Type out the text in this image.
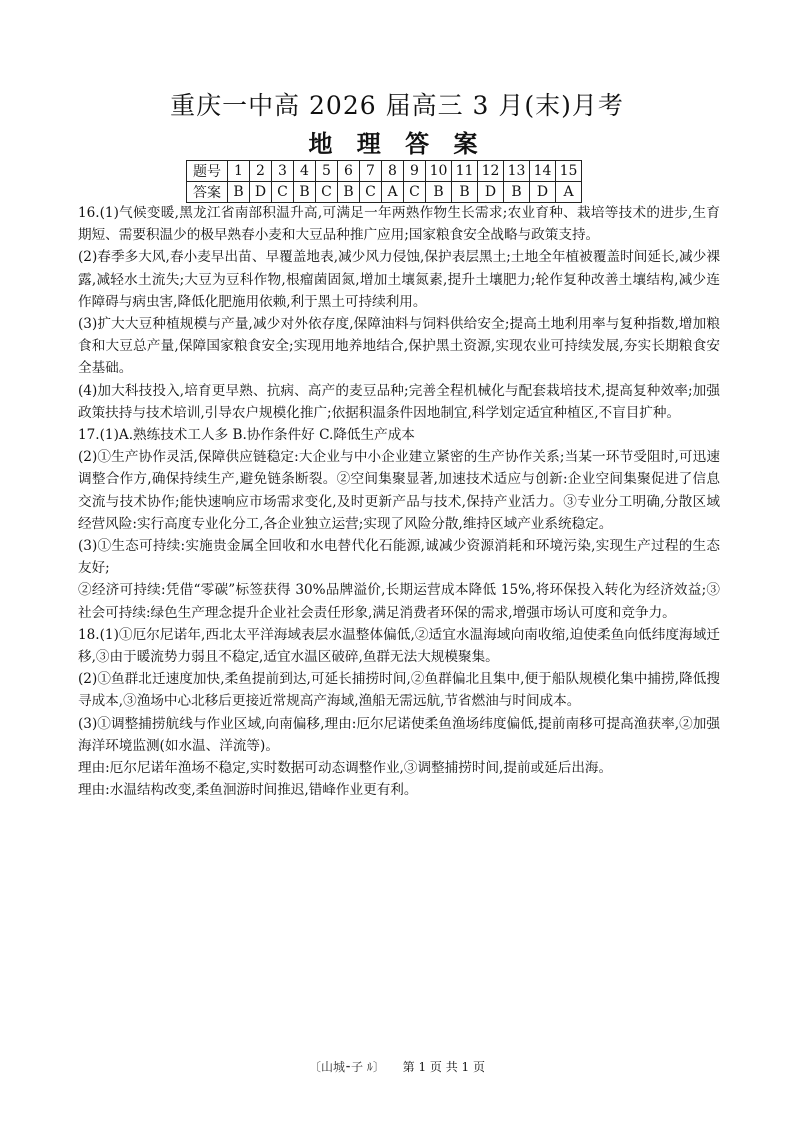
重庆一中高 2026 届高三 3 月(末)月考
地 理 答 案
题号	1	2	3	4	5	6	7	8	9	10	11	12	13	14	15
答案	B	D	C	B	C	B	C	A	C	B	B	D	B	D	A

16.(1)气候变暖,黑龙江省南部积温升高,可满足一年两熟作物生长需求;农业育种、栽培等技术的进步,生育期短、需要积温少的极早熟春小麦和大豆品种推广应用;国家粮食安全战略与政策支持。

(2)春季多大风,春小麦早出苗、早覆盖地表,减少风力侵蚀,保护表层黑土;土地全年植被覆盖时间延长,减少裸露,减轻水土流失;大豆为豆科作物,根瘤菌固氮,增加土壤氮素,提升土壤肥力;轮作复种改善土壤结构,减少连作障碍与病虫害,降低化肥施用依赖,利于黑土可持续利用。

(3)扩大大豆种植规模与产量,减少对外依存度,保障油料与饲料供给安全;提高土地利用率与复种指数,增加粮食和大豆总产量,保障国家粮食安全;实现用地养地结合,保护黑土资源,实现农业可持续发展,夯实长期粮食安全基础。

(4)加大科技投入,培育更早熟、抗病、高产的麦豆品种;完善全程机械化与配套栽培技术,提高复种效率;加强政策扶持与技术培训,引导农户规模化推广;依据积温条件因地制宜,科学划定适宜种植区,不盲目扩种。

17.(1)A.熟练技术工人多 B.协作条件好 C.降低生产成本

(2)①生产协作灵活,保障供应链稳定:大企业与中小企业建立紧密的生产协作关系;当某一环节受阻时,可迅速调整合作方,确保持续生产,避免链条断裂。②空间集聚显著,加速技术适应与创新:企业空间集聚促进了信息交流与技术协作;能快速响应市场需求变化,及时更新产品与技术,保持产业活力。③专业分工明确,分散区域经营风险:实行高度专业化分工,各企业独立运营;实现了风险分散,维持区域产业系统稳定。

(3)①生态可持续:实施贵金属全回收和水电替代化石能源,诚减少资源消耗和环境污染,实现生产过程的生态友好;

②经济可持续:凭借“零碳”标签获得 30%品牌溢价,长期运营成本降低 15%,将环保投入转化为经济效益;③社会可持续:绿色生产理念提升企业社会责任形象,满足消费者环保的需求,增强市场认可度和竞争力。

18.(1)①厄尔尼诺年,西北太平洋海域表层水温整体偏低,②适宜水温海域向南收缩,迫使柔鱼向低纬度海域迁移,③由于暖流势力弱且不稳定,适宜水温区破碎,鱼群无法大规模聚集。

(2)①鱼群北迁速度加快,柔鱼提前到达,可延长捕捞时间,②鱼群偏北且集中,便于船队规模化集中捕捞,降低搜寻成本,③渔场中心北移后更接近常规高产海域,渔船无需远航,节省燃油与时间成本。

(3)①调整捕捞航线与作业区域,向南偏移,理由:厄尔尼诺使柔鱼渔场纬度偏低,提前南移可提高渔获率,②加强海洋环境监测(如水温、洋流等)。

理由:厄尔尼诺年渔场不稳定,实时数据可动态调整作业,③调整捕捞时间,提前或延后出海。

理由:水温结构改变,柔鱼洄游时间推迟,错峰作业更有利。

〔山城⁃子 ﾙ〕 第 1 页 共 1 页
